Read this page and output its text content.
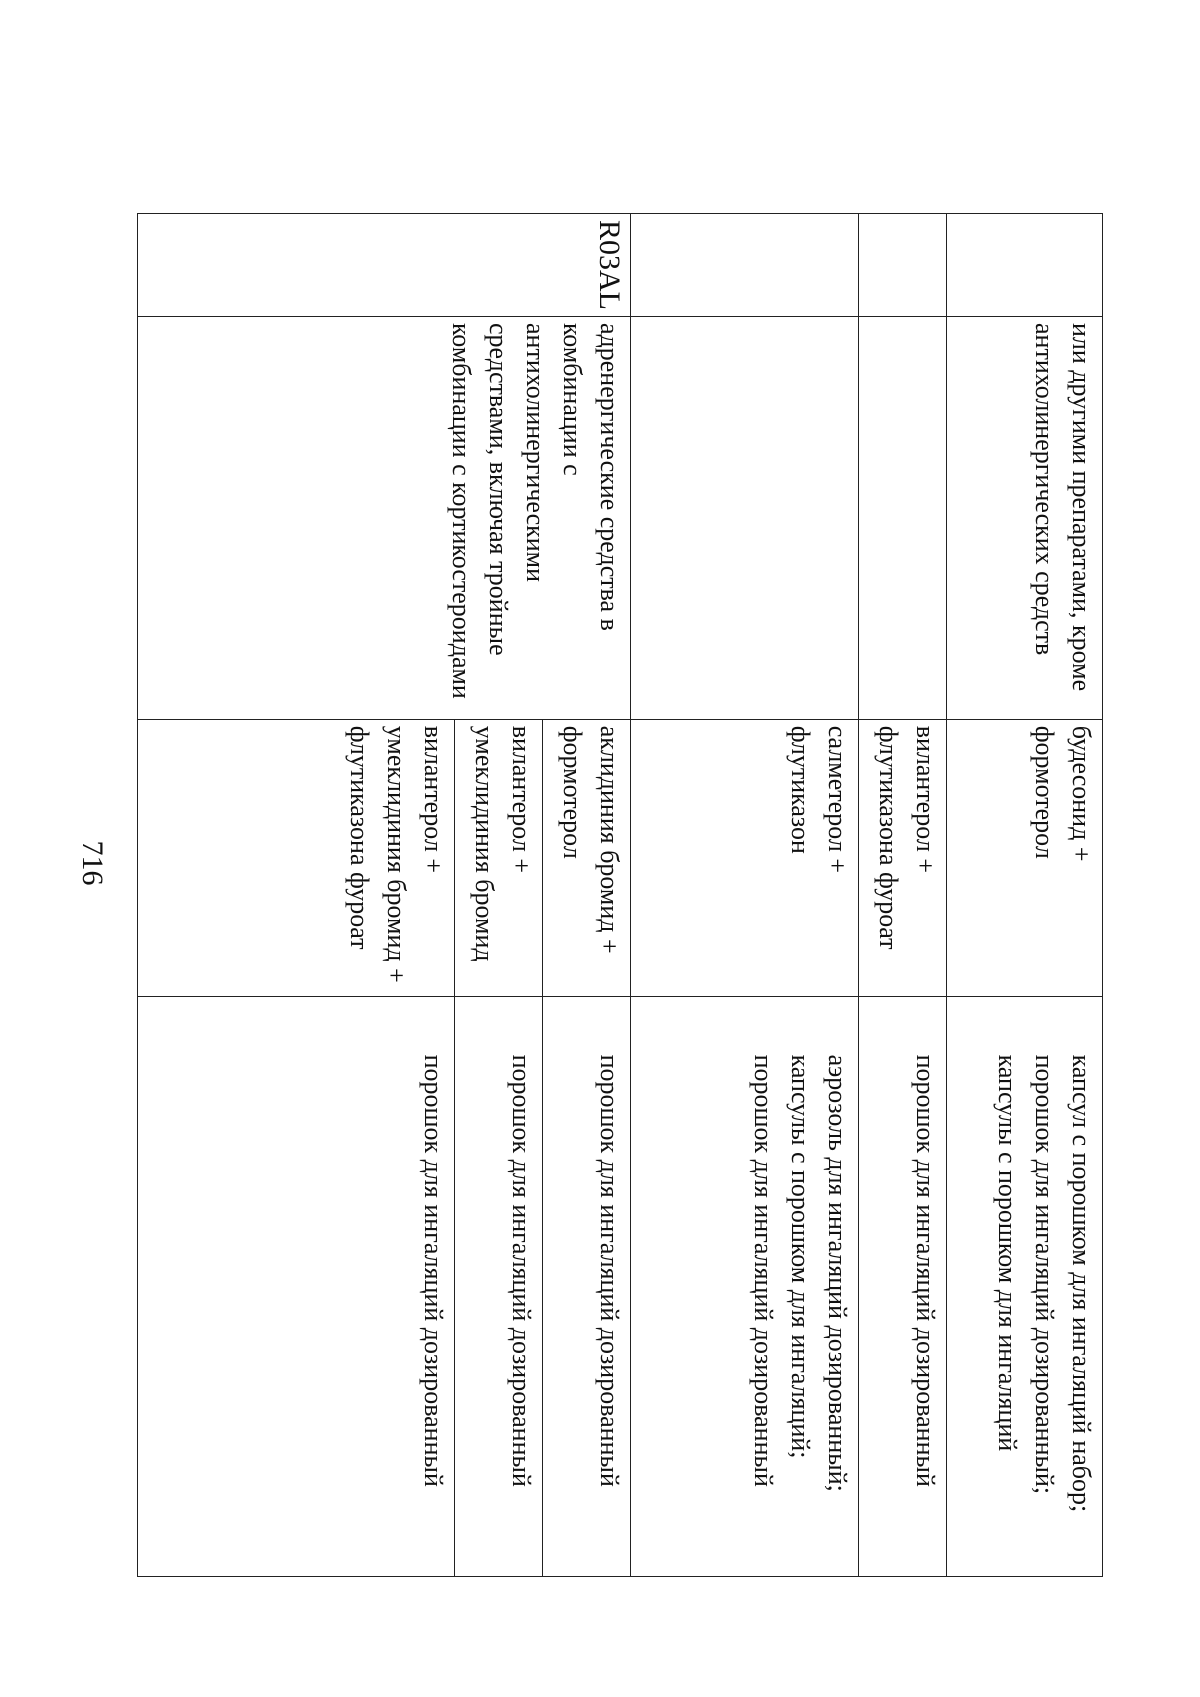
716
	или другими препаратами, кроме антихолинергических средств	будесонид + формотерол	капсул с порошком для ингаляций набор;
порошок для ингаляций дозированный;
капсулы с порошком для ингаляций

		вилантерол + флутиказона фуроат	порошок для ингаляций дозированный

		салметерол + флутиказон	аэрозоль для ингаляций дозированный;
капсулы с порошком для ингаляций;
порошок для ингаляций дозированный

R03AL	адренергические средства в комбинации с антихолинергическими средствами, включая тройные комбинации с кортикостероидами	аклидиния бромид + формотерол	порошок для ингаляций дозированный

		вилантерол + умеклидиния бромид	порошок для ингаляций дозированный

		вилантерол + умеклидиния бромид + флутиказона фуроат	порошок для ингаляций дозированный
